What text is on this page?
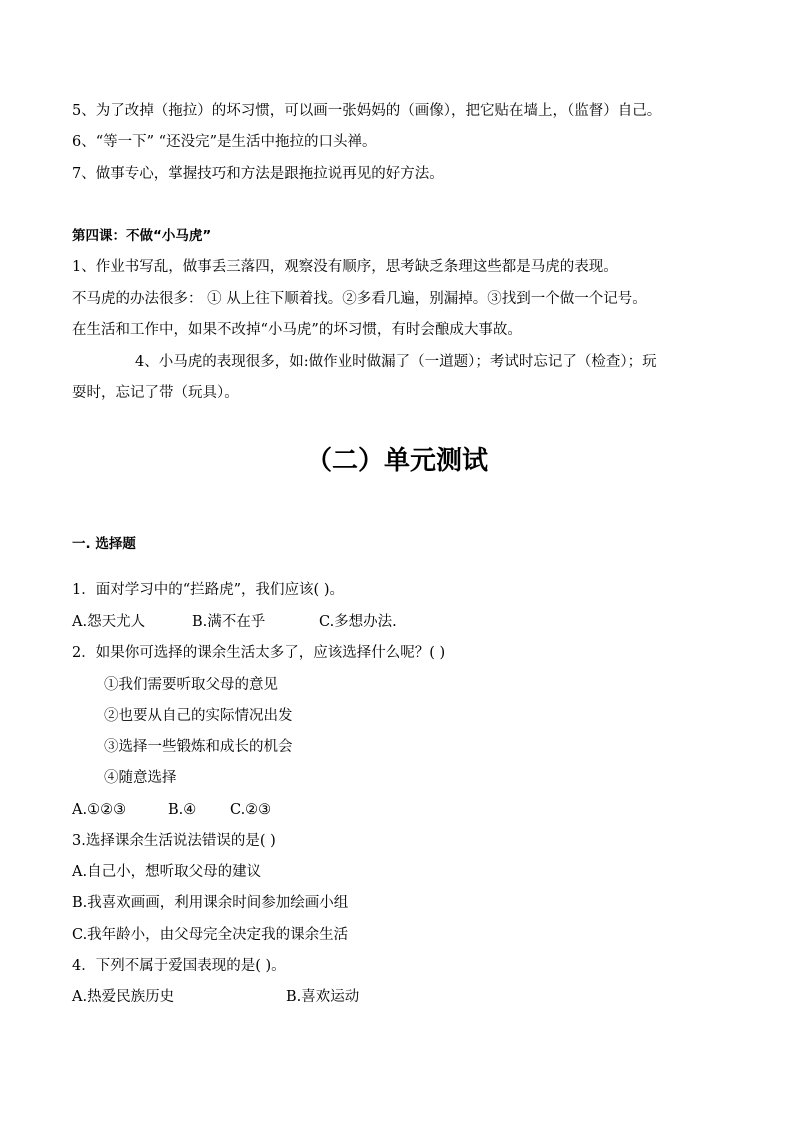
5、为了改掉（拖拉）的坏习惯，可以画一张妈妈的（画像），把它贴在墙上，（监督）自己。
6、“等一下” “还没完”是生活中拖拉的口头禅。
7、做事专心，掌握技巧和方法是跟拖拉说再见的好方法。
第四课：不做“小马虎”
1、作业书写乱，做事丢三落四，观察没有顺序，思考缺乏条理这些都是马虎的表现。
不马虎的办法很多： ① 从上往下顺着找。②多看几遍，别漏掉。③找到一个做一个记号。
在生活和工作中，如果不改掉“小马虎”的坏习惯，有时会酿成大事故。
4、小马虎的表现很多，如:做作业时做漏了（一道题）；考试时忘记了（检查）；玩
耍时，忘记了带（玩具）。
（二）单元测试
一. 选择题
1．面对学习中的“拦路虎”，我们应该( )。
A.怨天尤人	B.满不在乎	C.多想办法.
2．如果你可选择的课余生活太多了，应该选择什么呢？( )
①我们需要听取父母的意见
②也要从自己的实际情况出发
③选择一些锻炼和成长的机会
④随意选择
A.①②③	B.④ C.②③
3.选择课余生活说法错误的是( )
A.自己小，想听取父母的建议
B.我喜欢画画，利用课余时间参加绘画小组
C.我年龄小，由父母完全决定我的课余生活
4．下列不属于爱国表现的是( )。
A.热爱民族历史	B.喜欢运动
